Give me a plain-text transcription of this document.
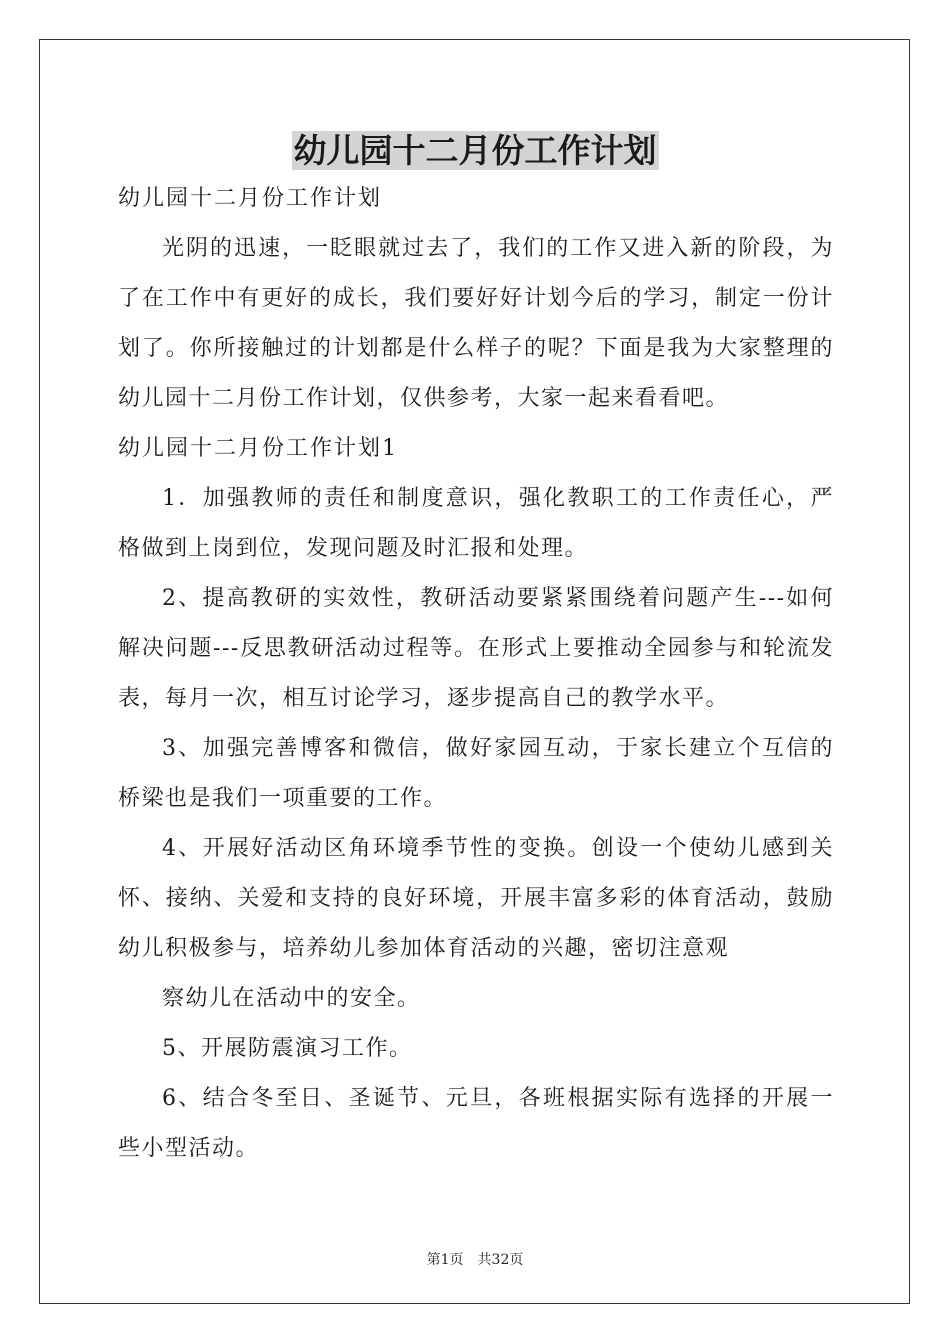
幼儿园十二月份工作计划

幼儿园十二月份工作计划

光阴的迅速，一眨眼就过去了，我们的工作又进入新的阶段，为了在工作中有更好的成长，我们要好好计划今后的学习，制定一份计划了。你所接触过的计划都是什么样子的呢？下面是我为大家整理的幼儿园十二月份工作计划，仅供参考，大家一起来看看吧。

幼儿园十二月份工作计划1

1．加强教师的责任和制度意识，强化教职工的工作责任心，严格做到上岗到位，发现问题及时汇报和处理。

2、提高教研的实效性，教研活动要紧紧围绕着问题产生---如何解决问题---反思教研活动过程等。在形式上要推动全园参与和轮流发表，每月一次，相互讨论学习，逐步提高自己的教学水平。

3、加强完善博客和微信，做好家园互动，于家长建立个互信的桥梁也是我们一项重要的工作。

4、开展好活动区角环境季节性的变换。创设一个使幼儿感到关怀、接纳、关爱和支持的良好环境，开展丰富多彩的体育活动，鼓励幼儿积极参与，培养幼儿参加体育活动的兴趣，密切注意观

察幼儿在活动中的安全。

5、开展防震演习工作。

6、结合冬至日、圣诞节、元旦，各班根据实际有选择的开展一些小型活动。

第1页　共32页
